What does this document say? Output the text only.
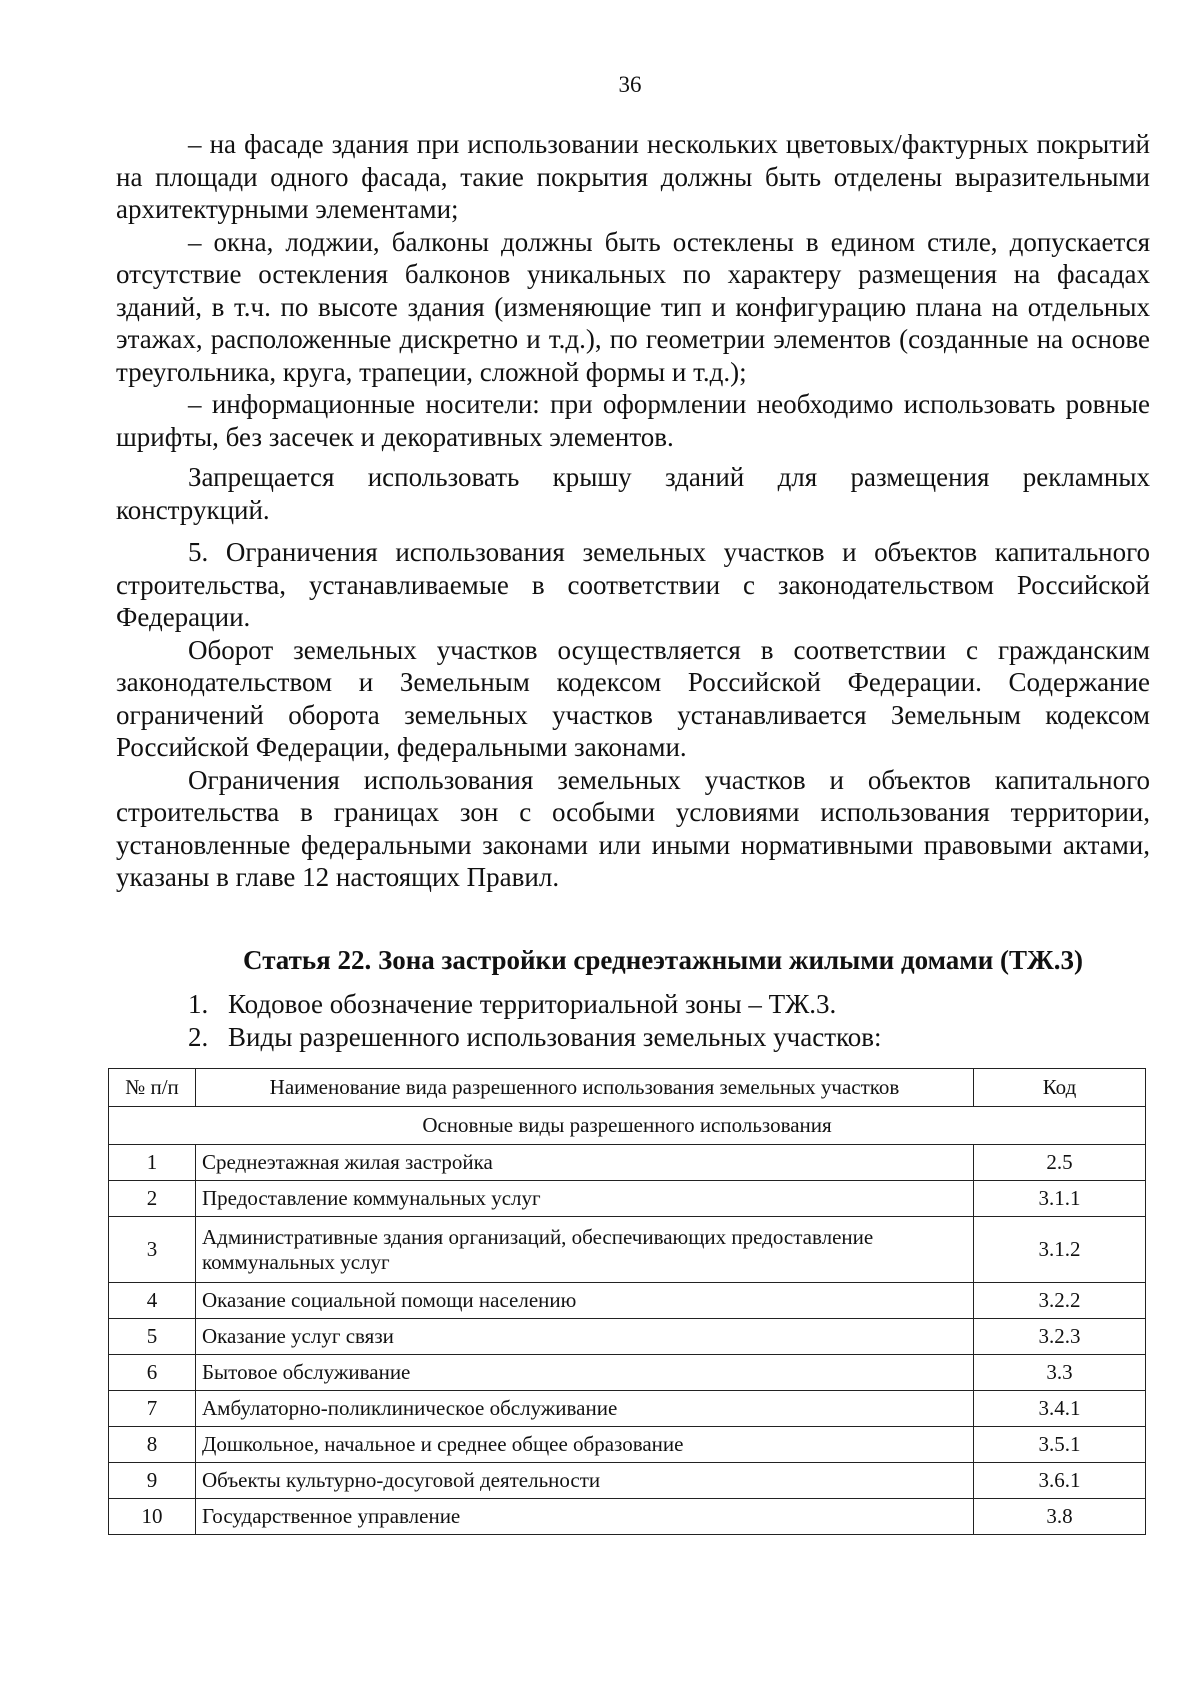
36

– на фасаде здания при использовании нескольких цветовых/фактурных покрытий на площади одного фасада, такие покрытия должны быть отделены выразительными архитектурными элементами;

– окна, лоджии, балконы должны быть остеклены в едином стиле, допускается отсутствие остекления балконов уникальных по характеру размещения на фасадах зданий, в т.ч. по высоте здания (изменяющие тип и конфигурацию плана на отдельных этажах, расположенные дискретно и т.д.), по геометрии элементов (созданные на основе треугольника, круга, трапеции, сложной формы и т.д.);

– информационные носители: при оформлении необходимо использовать ровные шрифты, без засечек и декоративных элементов.

Запрещается использовать крышу зданий для размещения рекламных конструкций.

5. Ограничения использования земельных участков и объектов капитального строительства, устанавливаемые в соответствии с законодательством Российской Федерации.

Оборот земельных участков осуществляется в соответствии с гражданским законодательством и Земельным кодексом Российской Федерации. Содержание ограничений оборота земельных участков устанавливается Земельным кодексом Российской Федерации, федеральными законами.

Ограничения использования земельных участков и объектов капитального строительства в границах зон с особыми условиями использования территории, установленные федеральными законами или иными нормативными правовыми актами, указаны в главе 12 настоящих Правил.

Статья 22. Зона застройки среднеэтажными жилыми домами (ТЖ.3)
1. Кодовое обозначение территориальной зоны – ТЖ.3.
2. Виды разрешенного использования земельных участков:
№ п/п	Наименование вида разрешенного использования земельных участков	Код
Основные виды разрешенного использования		
1	Среднеэтажная жилая застройка	2.5
2	Предоставление коммунальных услуг	3.1.1
3	Административные здания организаций, обеспечивающих предоставление коммунальных услуг	3.1.2
4	Оказание социальной помощи населению	3.2.2
5	Оказание услуг связи	3.2.3
6	Бытовое обслуживание	3.3
7	Амбулаторно-поликлиническое обслуживание	3.4.1
8	Дошкольное, начальное и среднее общее образование	3.5.1
9	Объекты культурно-досуговой деятельности	3.6.1
10	Государственное управление	3.8
